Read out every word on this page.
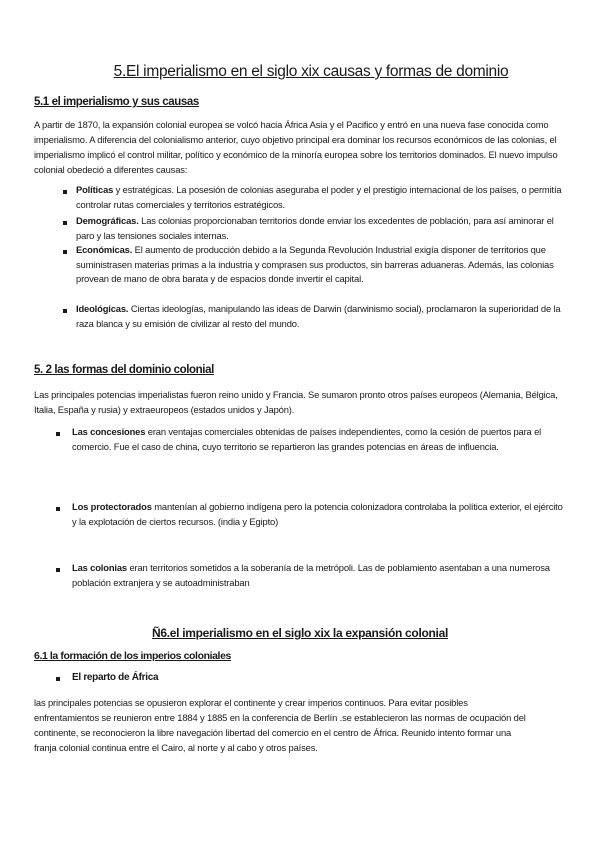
5.El imperialismo en el siglo xix causas y formas de dominio
5.1 el imperialismo y sus causas

A partir de 1870, la expansión colonial europea se volcó hacia África Asia y el Pacifico y entró en una nueva fase conocida como imperialismo. A diferencia del colonialismo anterior, cuyo objetivo principal era dominar los recursos económicos de las colonias, el imperialismo implicó el control militar, político y económico de la minoría europea sobre los territorios dominados. El nuevo impulso colonial obedeció a diferentes causas:

Políticas y estratégicas. La posesión de colonias aseguraba el poder y el prestigio internacional de los países, o permitía controlar rutas comerciales y territorios estratégicos.

Demográficas. Las colonias proporcionaban territorios donde enviar los excedentes de población, para así aminorar el paro y las tensiones sociales internas.

Económicas. El aumento de producción debido a la Segunda Revolución Industrial exigía disponer de territorios que suministrasen materias primas a la industria y comprasen sus productos, sin barreras aduaneras. Además, las colonias provean de mano de obra barata y de espacios donde invertir el capital.

Ideológicas. Ciertas ideologías, manipulando las ideas de Darwin (darwinismo social), proclamaron la superioridad de la raza blanca y su emisión de civilizar al resto del mundo.

5. 2 las formas del dominio colonial

Las principales potencias imperialistas fueron reino unido y Francia. Se sumaron pronto otros países europeos (Alemania, Bélgica, Italia, España y rusia) y extraeuropeos (estados unidos y Japón).

Las concesiones eran ventajas comerciales obtenidas de países independientes, como la cesión de puertos para el comercio. Fue el caso de china, cuyo territorio se repartieron las grandes potencias en áreas de influencia.

Los protectorados mantenían al gobierno indígena pero la potencia colonizadora controlaba la política exterior, el ejército y la explotación de ciertos recursos. (india y Egipto)

Las colonias eran territorios sometidos a la soberanía de la metrópoli. Las de poblamiento asentaban a una numerosa población extranjera y se autoadministraban

Ñ6.el imperialismo en el siglo xix la expansión colonial
6.1 la formación de los imperios coloniales
El reparto de África

las principales potencias se opusieron explorar el continente y crear imperios continuos. Para evitar posibles enfrentamientos se reunieron entre 1884 y 1885 en la conferencia de Berlín .se establecieron las normas de ocupación del continente, se reconocieron la libre navegación libertad del comercio en el centro de África. Reunido intento formar una franja colonial continua entre el Cairo, al norte y al cabo y otros países.
